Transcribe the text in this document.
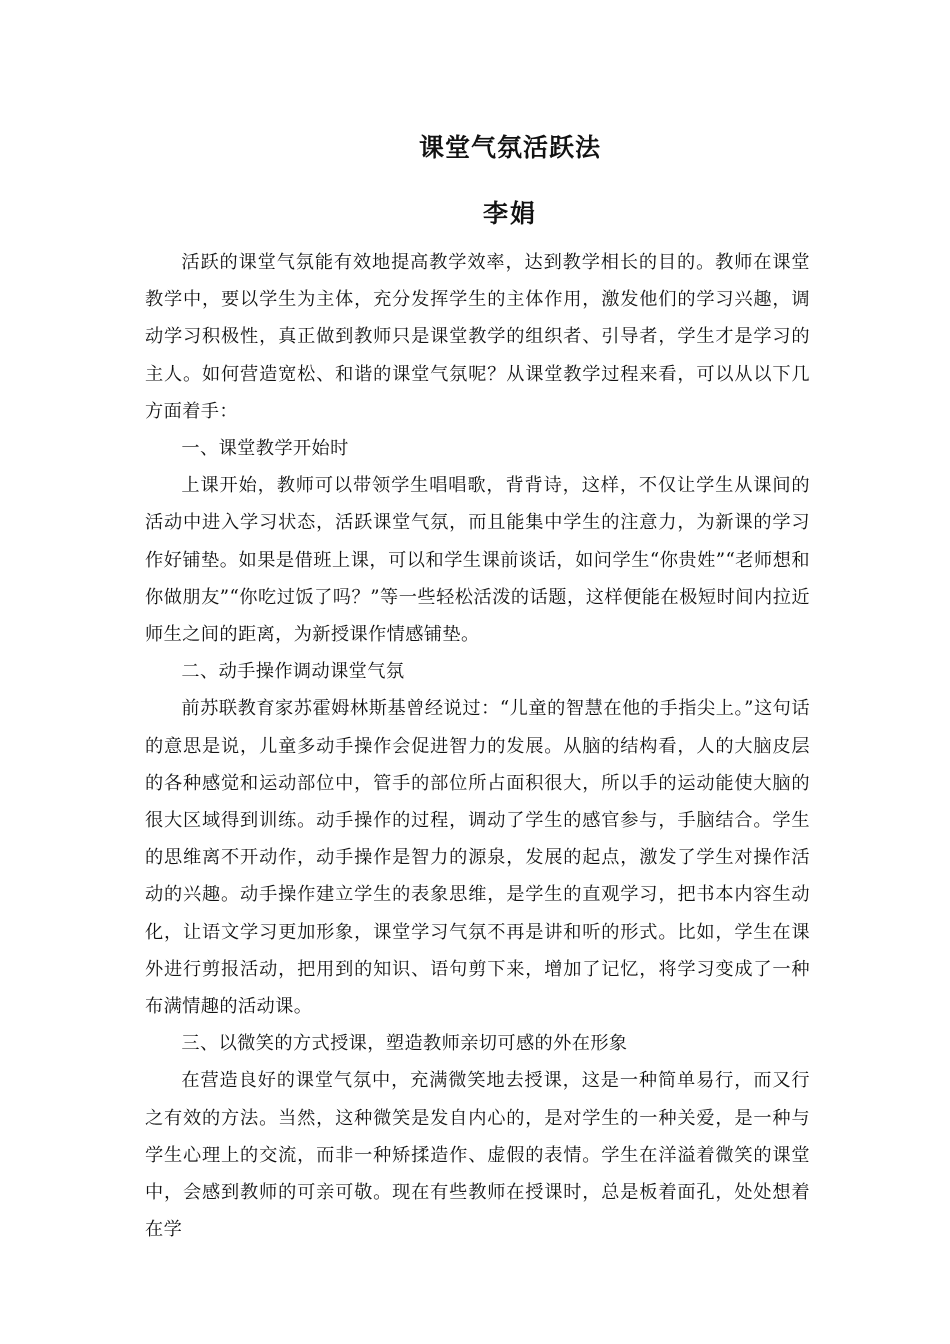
课堂气氛活跃法
李娟

活跃的课堂气氛能有效地提高教学效率，达到教学相长的目的。教师在课堂教学中，要以学生为主体，充分发挥学生的主体作用，激发他们的学习兴趣，调动学习积极性，真正做到教师只是课堂教学的组织者、引导者，学生才是学习的主人。如何营造宽松、和谐的课堂气氛呢？从课堂教学过程来看，可以从以下几方面着手：

一、课堂教学开始时

上课开始，教师可以带领学生唱唱歌，背背诗，这样，不仅让学生从课间的活动中进入学习状态，活跃课堂气氛，而且能集中学生的注意力，为新课的学习作好铺垫。如果是借班上课，可以和学生课前谈话，如问学生“你贵姓”“老师想和你做朋友”“你吃过饭了吗？”等一些轻松活泼的话题，这样便能在极短时间内拉近师生之间的距离，为新授课作情感铺垫。

二、动手操作调动课堂气氛

前苏联教育家苏霍姆林斯基曾经说过：“儿童的智慧在他的手指尖上。”这句话的意思是说，儿童多动手操作会促进智力的发展。从脑的结构看，人的大脑皮层的各种感觉和运动部位中，管手的部位所占面积很大，所以手的运动能使大脑的很大区域得到训练。动手操作的过程，调动了学生的感官参与，手脑结合。学生的思维离不开动作，动手操作是智力的源泉，发展的起点，激发了学生对操作活动的兴趣。动手操作建立学生的表象思维，是学生的直观学习，把书本内容生动化，让语文学习更加形象，课堂学习气氛不再是讲和听的形式。比如，学生在课外进行剪报活动，把用到的知识、语句剪下来，增加了记忆，将学习变成了一种布满情趣的活动课。

三、以微笑的方式授课，塑造教师亲切可感的外在形象

在营造良好的课堂气氛中，充满微笑地去授课，这是一种简单易行，而又行之有效的方法。当然，这种微笑是发自内心的，是对学生的一种关爱，是一种与学生心理上的交流，而非一种矫揉造作、虚假的表情。学生在洋溢着微笑的课堂中，会感到教师的可亲可敬。现在有些教师在授课时，总是板着面孔，处处想着在学
